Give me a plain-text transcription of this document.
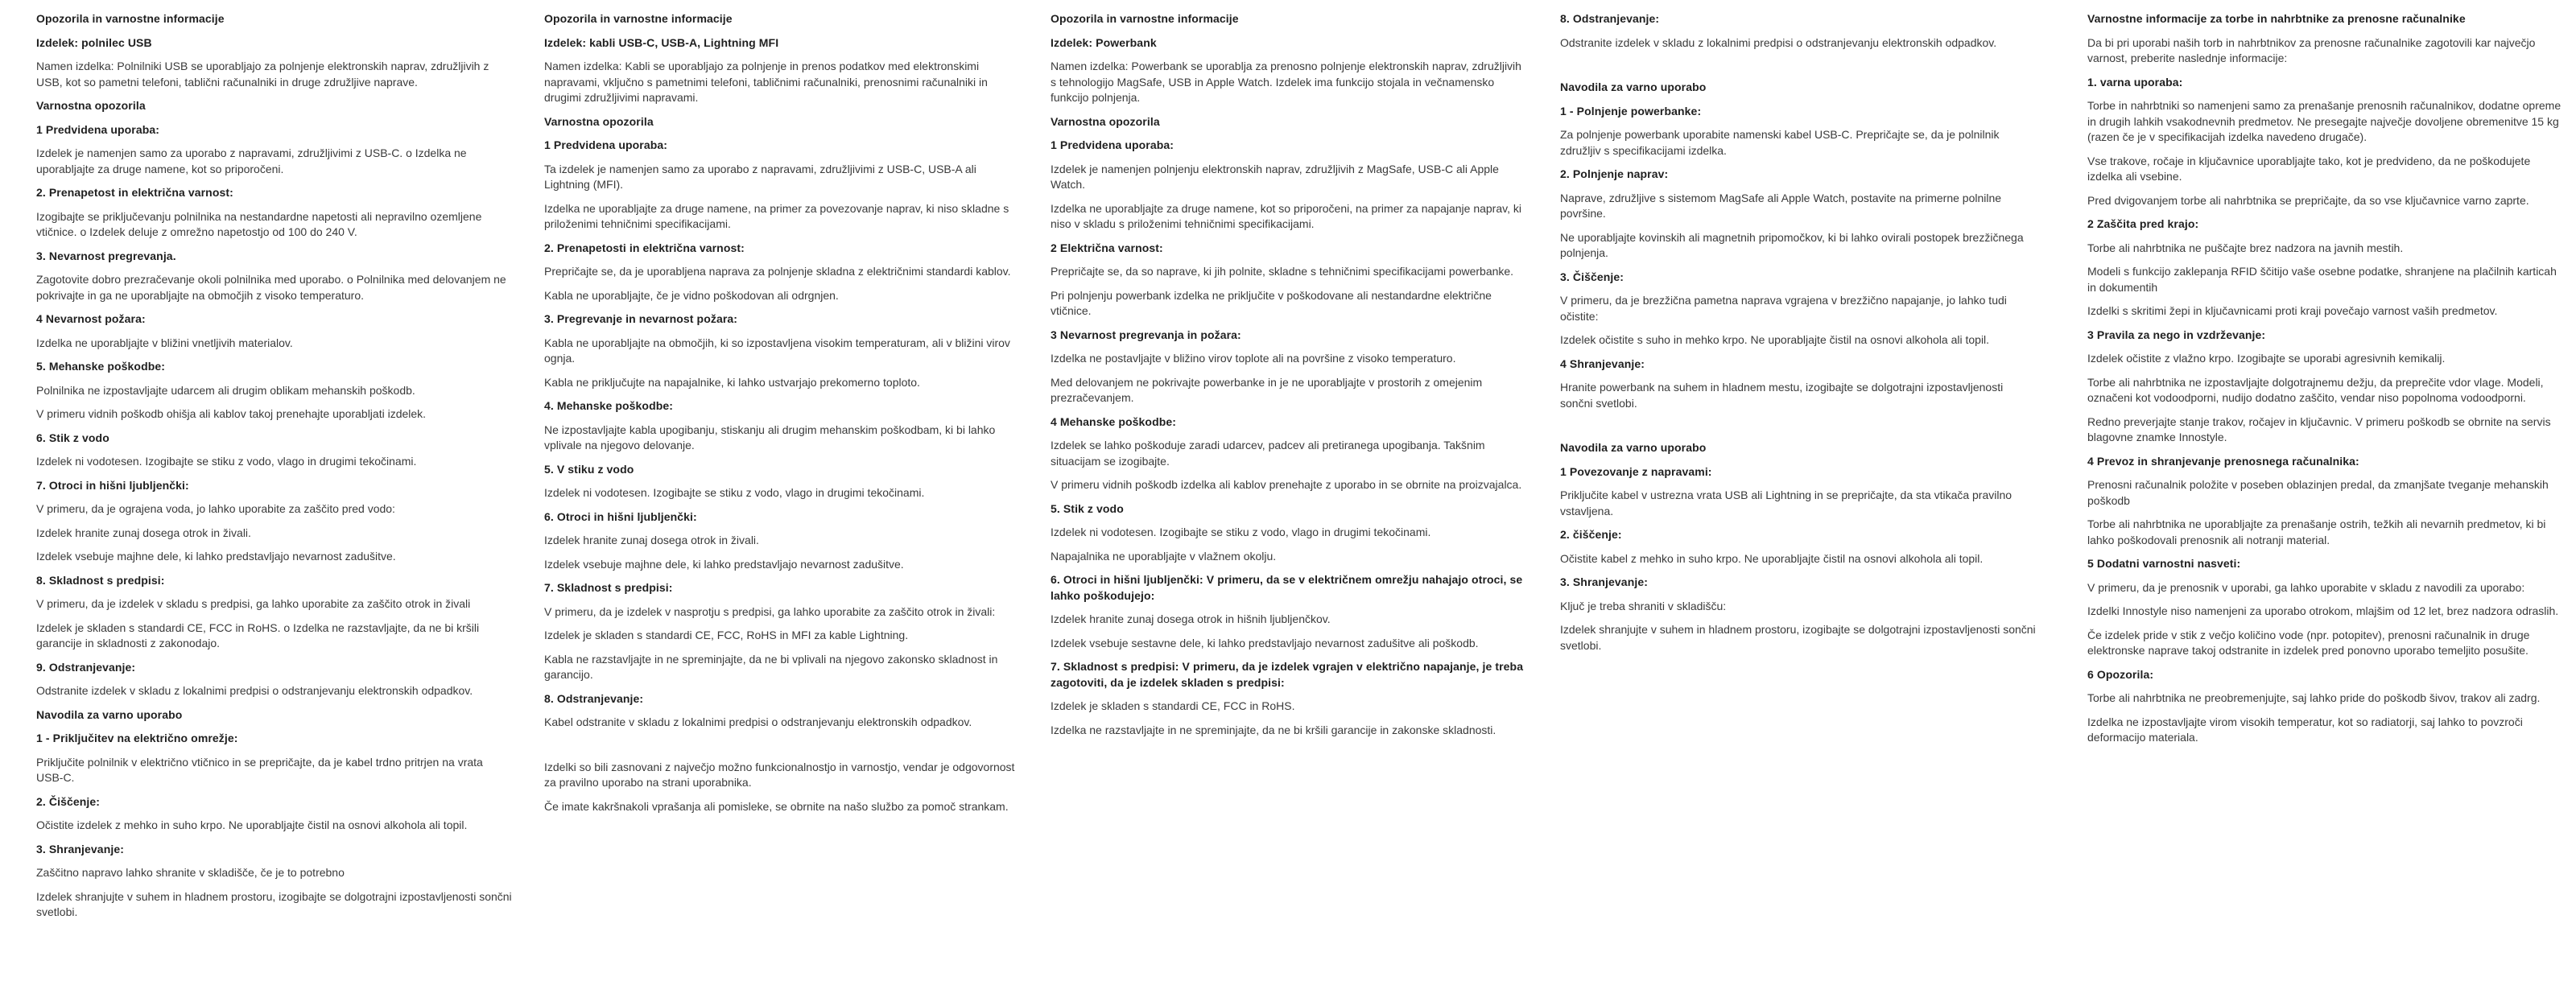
Opozorila in varnostne informacije
Izdelek: polnilec USB
Namen izdelka: Polnilniki USB se uporabljajo za polnjenje elektronskih naprav, združljivih z USB, kot so pametni telefoni, tablični računalniki in druge združljive naprave.
Varnostna opozorila
1 Predvidena uporaba:
Izdelek je namenjen samo za uporabo z napravami, združljivimi z USB-C. o Izdelka ne uporabljajte za druge namene, kot so priporočeni.
2. Prenapetost in električna varnost:
Izogibajte se priključevanju polnilnika na nestandardne napetosti ali nepravilno ozemljene vtičnice. o Izdelek deluje z omrežno napetostjo od 100 do 240 V.
3. Nevarnost pregrevanja.
Zagotovite dobro prezračevanje okoli polnilnika med uporabo. o Polnilnika med delovanjem ne pokrivajte in ga ne uporabljajte na območjih z visoko temperaturo.
4 Nevarnost požara:
Izdelka ne uporabljajte v bližini vnetljivih materialov.
5. Mehanske poškodbe:
Polnilnika ne izpostavljajte udarcem ali drugim oblikam mehanskih poškodb.
V primeru vidnih poškodb ohišja ali kablov takoj prenehajte uporabljati izdelek.
6. Stik z vodo
Izdelek ni vodotesen. Izogibajte se stiku z vodo, vlago in drugimi tekočinami.
7. Otroci in hišni ljubljenčki:
V primeru, da je ograjena voda, jo lahko uporabite za zaščito pred vodo:
Izdelek hranite zunaj dosega otrok in živali.
Izdelek vsebuje majhne dele, ki lahko predstavljajo nevarnost zadušitve.
8. Skladnost s predpisi:
V primeru, da je izdelek v skladu s predpisi, ga lahko uporabite za zaščito otrok in živali
Izdelek je skladen s standardi CE, FCC in RoHS. o Izdelka ne razstavljajte, da ne bi kršili garancije in skladnosti z zakonodajo.
9. Odstranjevanje:
Odstranite izdelek v skladu z lokalnimi predpisi o odstranjevanju elektronskih odpadkov.
Navodila za varno uporabo
1 - Priključitev na električno omrežje:
Priključite polnilnik v električno vtičnico in se prepričajte, da je kabel trdno pritrjen na vrata USB-C.
2. Čiščenje:
Očistite izdelek z mehko in suho krpo. Ne uporabljajte čistil na osnovi alkohola ali topil.
3. Shranjevanje:
Zaščitno napravo lahko shranite v skladišče, če je to potrebno
Izdelek shranjujte v suhem in hladnem prostoru, izogibajte se dolgotrajni izpostavljenosti sončni svetlobi.
Opozorila in varnostne informacije
Izdelek: kabli USB-C, USB-A, Lightning MFI
Namen izdelka: Kabli se uporabljajo za polnjenje in prenos podatkov med elektronskimi napravami, vključno s pametnimi telefoni, tabličnimi računalniki, prenosnimi računalniki in drugimi združljivimi napravami.
Varnostna opozorila
1 Predvidena uporaba:
Ta izdelek je namenjen samo za uporabo z napravami, združljivimi z USB-C, USB-A ali Lightning (MFI).
Izdelka ne uporabljajte za druge namene, na primer za povezovanje naprav, ki niso skladne s priloženimi tehničnimi specifikacijami.
2. Prenapetosti in električna varnost:
Prepričajte se, da je uporabljena naprava za polnjenje skladna z električnimi standardi kablov.
Kabla ne uporabljajte, če je vidno poškodovan ali odrgnjen.
3. Pregrevanje in nevarnost požara:
Kabla ne uporabljajte na območjih, ki so izpostavljena visokim temperaturam, ali v bližini virov ognja.
Kabla ne priključujte na napajalnike, ki lahko ustvarjajo prekomerno toploto.
4. Mehanske poškodbe:
Ne izpostavljajte kabla upogibanju, stiskanju ali drugim mehanskim poškodbam, ki bi lahko vplivale na njegovo delovanje.
5. V stiku z vodo
Izdelek ni vodotesen. Izogibajte se stiku z vodo, vlago in drugimi tekočinami.
6. Otroci in hišni ljubljenčki:
Izdelek hranite zunaj dosega otrok in živali.
Izdelek vsebuje majhne dele, ki lahko predstavljajo nevarnost zadušitve.
7. Skladnost s predpisi:
V primeru, da je izdelek v nasprotju s predpisi, ga lahko uporabite za zaščito otrok in živali:
Izdelek je skladen s standardi CE, FCC, RoHS in MFI za kable Lightning.
Kabla ne razstavljajte in ne spreminjajte, da ne bi vplivali na njegovo zakonsko skladnost in garancijo.
8. Odstranjevanje:
Kabel odstranite v skladu z lokalnimi predpisi o odstranjevanju elektronskih odpadkov.
Izdelki so bili zasnovani z največjo možno funkcionalnostjo in varnostjo, vendar je odgovornost za pravilno uporabo na strani uporabnika.
Če imate kakršnakoli vprašanja ali pomisleke, se obrnite na našo službo za pomoč strankam.
Opozorila in varnostne informacije
Izdelek: Powerbank
Namen izdelka: Powerbank se uporablja za prenosno polnjenje elektronskih naprav, združljivih s tehnologijo MagSafe, USB in Apple Watch. Izdelek ima funkcijo stojala in večnamensko funkcijo polnjenja.
Varnostna opozorila
1 Predvidena uporaba:
Izdelek je namenjen polnjenju elektronskih naprav, združljivih z MagSafe, USB-C ali Apple Watch.
Izdelka ne uporabljajte za druge namene, kot so priporočeni, na primer za napajanje naprav, ki niso v skladu s priloženimi tehničnimi specifikacijami.
2 Električna varnost:
Prepričajte se, da so naprave, ki jih polnite, skladne s tehničnimi specifikacijami powerbanke.
Pri polnjenju powerbank izdelka ne priključite v poškodovane ali nestandardne električne vtičnice.
3 Nevarnost pregrevanja in požara:
Izdelka ne postavljajte v bližino virov toplote ali na površine z visoko temperaturo.
Med delovanjem ne pokrivajte powerbanke in je ne uporabljajte v prostorih z omejenim prezračevanjem.
4 Mehanske poškodbe:
Izdelek se lahko poškoduje zaradi udarcev, padcev ali pretiranega upogibanja. Takšnim situacijam se izogibajte.
V primeru vidnih poškodb izdelka ali kablov prenehajte z uporabo in se obrnite na proizvajalca.
5. Stik z vodo
Izdelek ni vodotesen. Izogibajte se stiku z vodo, vlago in drugimi tekočinami.
Napajalnika ne uporabljajte v vlažnem okolju.
6. Otroci in hišni ljubljenčki: V primeru, da se v električnem omrežju nahajajo otroci, se lahko poškodujejo:
Izdelek hranite zunaj dosega otrok in hišnih ljubljenčkov.
Izdelek vsebuje sestavne dele, ki lahko predstavljajo nevarnost zadušitve ali poškodb.
7. Skladnost s predpisi: V primeru, da je izdelek vgrajen v električno napajanje, je treba zagotoviti, da je izdelek skladen s predpisi:
Izdelek je skladen s standardi CE, FCC in RoHS.
Izdelka ne razstavljajte in ne spreminjajte, da ne bi kršili garancije in zakonske skladnosti.
8. Odstranjevanje:
Odstranite izdelek v skladu z lokalnimi predpisi o odstranjevanju elektronskih odpadkov.
Navodila za varno uporabo
1 - Polnjenje powerbanke:
Za polnjenje powerbank uporabite namenski kabel USB-C. Prepričajte se, da je polnilnik združljiv s specifikacijami izdelka.
2. Polnjenje naprav:
Naprave, združljive s sistemom MagSafe ali Apple Watch, postavite na primerne polnilne površine.
Ne uporabljajte kovinskih ali magnetnih pripomočkov, ki bi lahko ovirali postopek brezžičnega polnjenja.
3. Čiščenje:
V primeru, da je brezžična pametna naprava vgrajena v brezžično napajanje, jo lahko tudi očistite:
Izdelek očistite s suho in mehko krpo. Ne uporabljajte čistil na osnovi alkohola ali topil.
4 Shranjevanje:
Hranite powerbank na suhem in hladnem mestu, izogibajte se dolgotrajni izpostavljenosti sončni svetlobi.
Navodila za varno uporabo
1 Povezovanje z napravami:
Priključite kabel v ustrezna vrata USB ali Lightning in se prepričajte, da sta vtikača pravilno vstavljena.
2. čiščenje:
Očistite kabel z mehko in suho krpo. Ne uporabljajte čistil na osnovi alkohola ali topil.
3. Shranjevanje:
Ključ je treba shraniti v skladišču:
Izdelek shranjujte v suhem in hladnem prostoru, izogibajte se dolgotrajni izpostavljenosti sončni svetlobi.
Varnostne informacije za torbe in nahrbtnike za prenosne računalnike
Da bi pri uporabi naših torb in nahrbtnikov za prenosne računalnike zagotovili kar največjo varnost, preberite naslednje informacije:
1. varna uporaba:
Torbe in nahrbtniki so namenjeni samo za prenašanje prenosnih računalnikov, dodatne opreme in drugih lahkih vsakodnevnih predmetov. Ne presegajte največje dovoljene obremenitve 15 kg (razen če je v specifikacijah izdelka navedeno drugače).
Vse trakove, ročaje in ključavnice uporabljajte tako, kot je predvideno, da ne poškodujete izdelka ali vsebine.
Pred dvigovanjem torbe ali nahrbtnika se prepričajte, da so vse ključavnice varno zaprte.
2 Zaščita pred krajo:
Torbe ali nahrbtnika ne puščajte brez nadzora na javnih mestih.
Modeli s funkcijo zaklepanja RFID ščitijo vaše osebne podatke, shranjene na plačilnih karticah in dokumentih
Izdelki s skritimi žepi in ključavnicami proti kraji povečajo varnost vaših predmetov.
3 Pravila za nego in vzdrževanje:
Izdelek očistite z vlažno krpo. Izogibajte se uporabi agresivnih kemikalij.
Torbe ali nahrbtnika ne izpostavljajte dolgotrajnemu dežju, da preprečite vdor vlage. Modeli, označeni kot vodoodporni, nudijo dodatno zaščito, vendar niso popolnoma vodoodporni.
Redno preverjajte stanje trakov, ročajev in ključavnic. V primeru poškodb se obrnite na servis blagovne znamke Innostyle.
4 Prevoz in shranjevanje prenosnega računalnika:
Prenosni računalnik položite v poseben oblazinjen predal, da zmanjšate tveganje mehanskih poškodb
Torbe ali nahrbtnika ne uporabljajte za prenašanje ostrih, težkih ali nevarnih predmetov, ki bi lahko poškodovali prenosnik ali notranji material.
5 Dodatni varnostni nasveti:
V primeru, da je prenosnik v uporabi, ga lahko uporabite v skladu z navodili za uporabo:
Izdelki Innostyle niso namenjeni za uporabo otrokom, mlajšim od 12 let, brez nadzora odraslih.
Če izdelek pride v stik z večjo količino vode (npr. potopitev), prenosni računalnik in druge elektronske naprave takoj odstranite in izdelek pred ponovno uporabo temeljito posušite.
6 Opozorila:
Torbe ali nahrbtnika ne preobremenjujte, saj lahko pride do poškodb šivov, trakov ali zadrg.
Izdelka ne izpostavljajte virom visokih temperatur, kot so radiatorji, saj lahko to povzroči deformacijo materiala.
